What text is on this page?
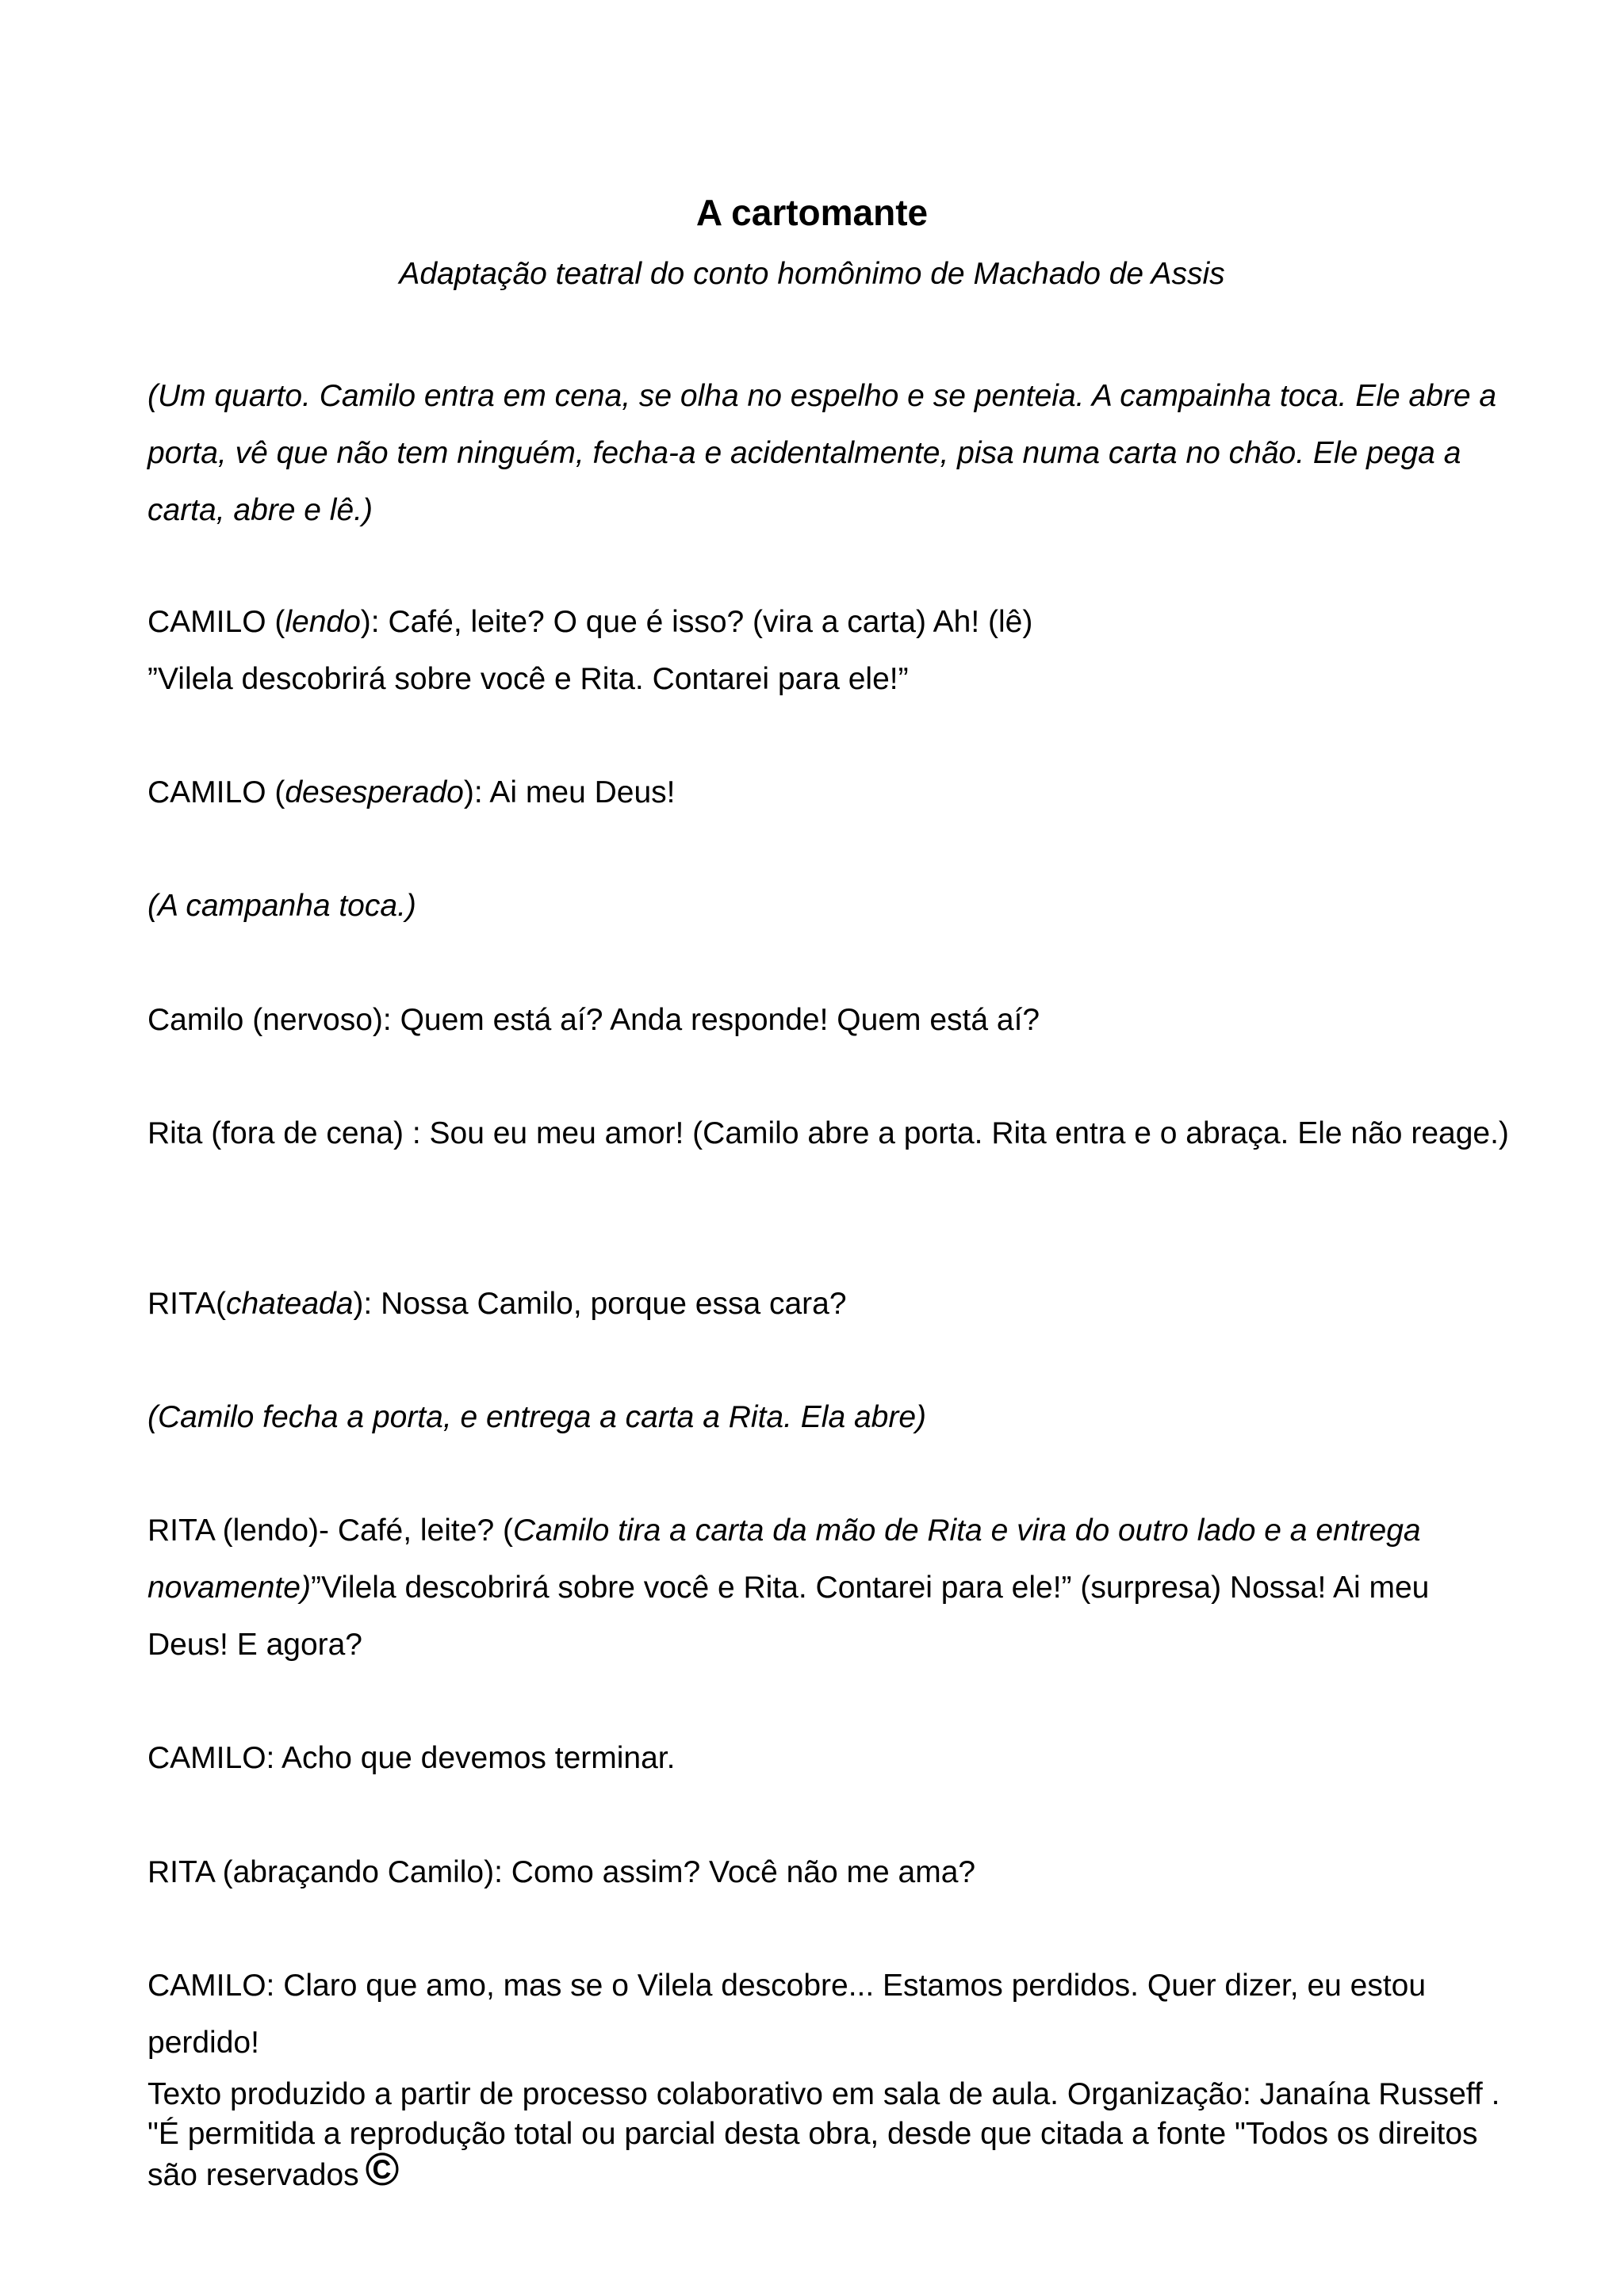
A cartomante
Adaptação teatral do conto homônimo de Machado de Assis
(Um quarto. Camilo entra em cena, se olha no espelho e se penteia. A campainha toca. Ele abre a porta, vê que não tem ninguém, fecha-a e acidentalmente, pisa numa carta no chão. Ele pega a carta, abre e lê.)
CAMILO (lendo): Café, leite? O que é isso? (vira a carta) Ah! (lê)
”Vilela descobrirá sobre você e Rita. Contarei para ele!”
CAMILO (desesperado): Ai meu Deus!
(A campanha toca.)
Camilo (nervoso): Quem está aí? Anda responde! Quem está aí?
Rita (fora de cena) : Sou eu meu amor! (Camilo abre a porta. Rita entra e o abraça. Ele não reage.)
RITA(chateada): Nossa Camilo, porque essa cara?
(Camilo fecha a porta, e entrega a carta a Rita. Ela abre)
RITA (lendo)- Café, leite? (Camilo tira a carta da mão de Rita e vira do outro lado e a entrega novamente)”Vilela descobrirá sobre você e Rita. Contarei para ele!” (surpresa) Nossa! Ai meu Deus! E agora?
CAMILO: Acho que devemos terminar.
RITA (abraçando Camilo): Como assim? Você não me ama?
CAMILO: Claro que amo, mas se o Vilela descobre... Estamos perdidos. Quer dizer, eu estou perdido!
Texto produzido a partir de processo colaborativo em sala de aula. Organização: Janaína Russeff . "É permitida a reprodução total ou parcial desta obra, desde que citada a fonte "Todos os direitos são reservados ©
